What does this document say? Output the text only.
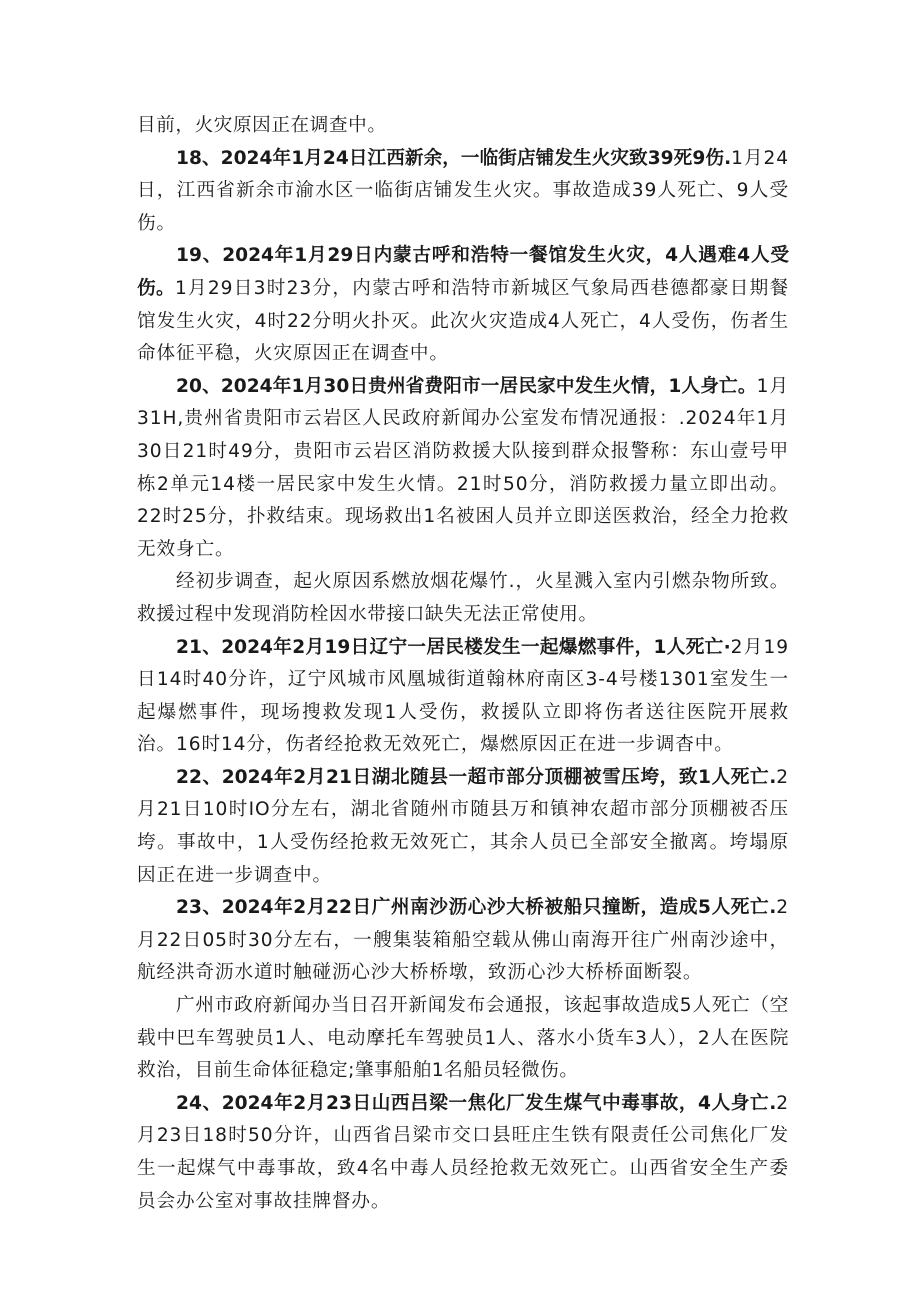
目前，火灾原因正在调查中。

18、2024年1月24日江西新余，一临街店铺发生火灾致39死9伤.1月24日，江西省新余市渝水区一临街店铺发生火灾。事故造成39人死亡、9人受伤。

19、2024年1月29日内蒙古呼和浩特一餐馆发生火灾，4人遇难4人受伤。1月29日3时23分，内蒙古呼和浩特市新城区气象局西巷德都豪日期餐馆发生火灾，4时22分明火扑灭。此次火灾造成4人死亡，4人受伤，伤者生命体征平稳，火灾原因正在调查中。

20、2024年1月30日贵州省费阳市一居民家中发生火情，1人身亡。1月31H,贵州省贵阳市云岩区人民政府新闻办公室发布情况通报：.2024年1月30日21时49分，贵阳市云岩区消防救援大队接到群众报警称：东山壹号甲栋2单元14楼一居民家中发生火情。21时50分，消防救援力量立即出动。22时25分，扑救结束。现场救出1名被困人员并立即送医救治，经全力抢救无效身亡。

经初步调查，起火原因系燃放烟花爆竹.，火星溅入室内引燃杂物所致。救援过程中发现消防栓因水带接口缺失无法正常使用。

21、2024年2月19日辽宁一居民楼发生一起爆燃事件，1人死亡·2月19日14时40分许，辽宁风城市风凰城街道翰林府南区3-4号楼1301室发生一起爆燃事件，现场搜救发现1人受伤，救援队立即将伤者送往医院开展救治。16时14分，伤者经抢救无效死亡，爆燃原因正在进一步调杳中。

22、2024年2月21日湖北随县一超市部分顶棚被雪压垮，致1人死亡.2月21日10时IO分左右，湖北省随州市随县万和镇神农超市部分顶棚被否压垮。事故中，1人受伤经抢救无效死亡，其余人员已全部安全撤离。垮塌原因正在进一步调查中。

23、2024年2月22日广州南沙沥心沙大桥被船只撞断，造成5人死亡.2月22日05时30分左右，一艘集装箱船空载从佛山南海开往广州南沙途中，航经洪奇沥水道时触碰沥心沙大桥桥墩，致沥心沙大桥桥面断裂。

广州市政府新闻办当日召开新闻发布会通报，该起事故造成5人死亡（空载中巴车驾驶员1人、电动摩托车驾驶员1人、落水小货车3人），2人在医院救治，目前生命体征稳定;肇事船舶1名船员轻微伤。

24、2024年2月23日山西吕梁一焦化厂发生煤气中毒事故，4人身亡.2月23日18时50分许，山西省吕梁市交口县旺庄生铁有限责任公司焦化厂发生一起煤气中毒事故，致4名中毒人员经抢救无效死亡。山西省安全生产委员会办公室对事故挂牌督办。
